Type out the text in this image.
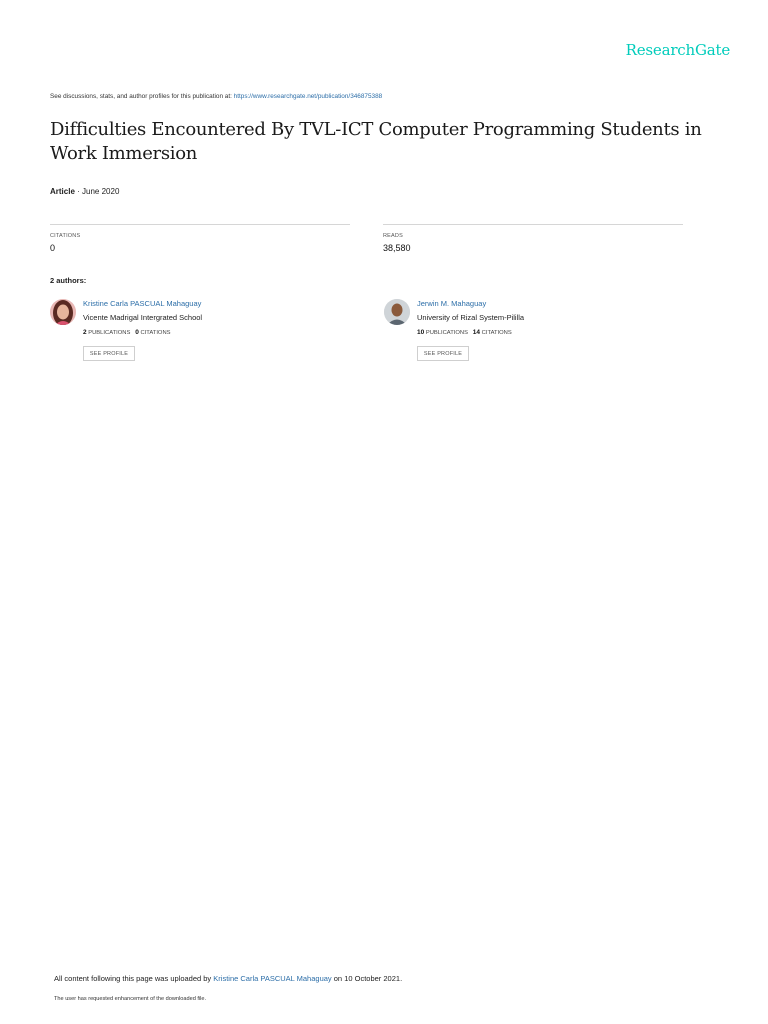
ResearchGate
See discussions, stats, and author profiles for this publication at: https://www.researchgate.net/publication/346875388
Difficulties Encountered By TVL-ICT Computer Programming Students in Work Immersion
Article · June 2020
CITATIONS
0
READS
38,580
2 authors:
Kristine Carla PASCUAL Mahaguay
Vicente Madrigal Intergrated School
2 PUBLICATIONS 0 CITATIONS
SEE PROFILE
Jerwin M. Mahaguay
University of Rizal System-Pililla
10 PUBLICATIONS 14 CITATIONS
SEE PROFILE
All content following this page was uploaded by Kristine Carla PASCUAL Mahaguay on 10 October 2021.
The user has requested enhancement of the downloaded file.
